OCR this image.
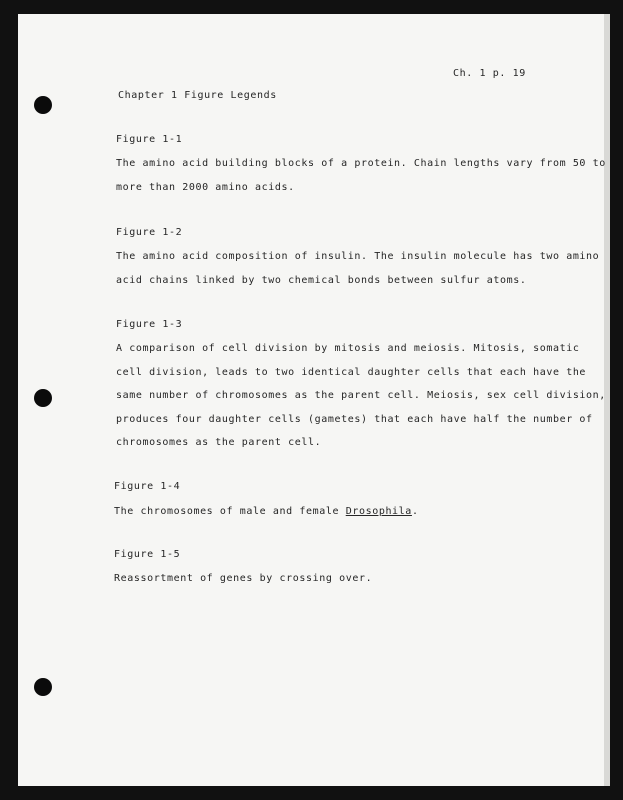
Ch. 1 p. 19

Chapter 1 Figure Legends

Figure 1-1

The amino acid building blocks of a protein. Chain lengths vary from 50 to

more than 2000 amino acids.

Figure 1-2

The amino acid composition of insulin. The insulin molecule has two amino

acid chains linked by two chemical bonds between sulfur atoms.

Figure 1-3

A comparison of cell division by mitosis and meiosis. Mitosis, somatic

cell division, leads to two identical daughter cells that each have the

same number of chromosomes as the parent cell. Meiosis, sex cell division,

produces four daughter cells (gametes) that each have half the number of

chromosomes as the parent cell.

Figure 1-4

The chromosomes of male and female Drosophila.

Figure 1-5

Reassortment of genes by crossing over.
